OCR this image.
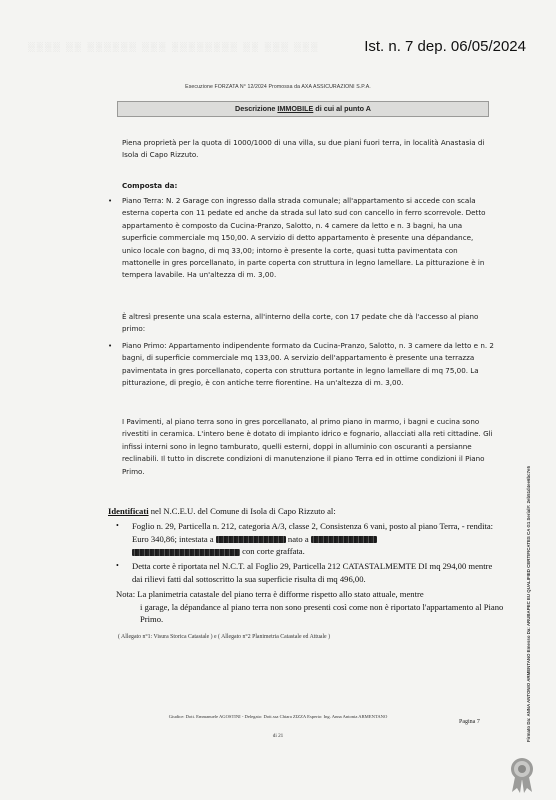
░░░░ ░░ ░░░░░░ ░░░ ░░░░░░░░ ░░ ░░░ ░░░	Ist. n. 7 dep. 06/05/2024
Esecuzione FORZATA N° 12/2024 Promossa da AXA ASSICURAZIONI S.P.A.
Descrizione IMMOBILE di cui al punto A
Piena proprietà per la quota di 1000/1000 di una villa, su due piani fuori terra, in località Anastasia di Isola di Capo Rizzuto.
Composta da:
• Piano Terra: N. 2 Garage con ingresso dalla strada comunale; all'appartamento si accede con scala esterna coperta con 11 pedate ed anche da strada sul lato sud con cancello in ferro scorrevole. Detto appartamento è composto da Cucina-Pranzo, Salotto, n. 4 camere da letto e n. 3 bagni, ha una superficie commerciale mq 150,00. A servizio di detto appartamento è presente una dépandance, unico locale con bagno, di mq 33,00; intorno è presente la corte, quasi tutta pavimentata con mattonelle in gres porcellanato, in parte coperta con struttura in legno lamellare. La pitturazione è in tempera lavabile. Ha un'altezza di m. 3,00.
È altresì presente una scala esterna, all'interno della corte, con 17 pedate che dà l'accesso al piano primo:
• Piano Primo: Appartamento indipendente formato da Cucina-Pranzo, Salotto, n. 3 camere da letto e n. 2 bagni, di superficie commerciale mq 133,00. A servizio dell'appartamento è presente una terrazza pavimentata in gres porcellanato, coperta con struttura portante in legno lamellare di mq 75,00. La pitturazione, di pregio, è con antiche terre fiorentine. Ha un'altezza di m. 3,00.
I Pavimenti, al piano terra sono in gres porcellanato, al primo piano in marmo, i bagni e cucina sono rivestiti in ceramica. L'intero bene è dotato di impianto idrico e fognario, allacciati alla reti cittadine. Gli infissi interni sono in legno tamburato, quelli esterni, doppi in alluminio con oscuranti a persianne reclinabili. Il tutto in discrete condizioni di manutenzione il piano Terra ed in ottime condizioni il Piano Primo.
Identificati nel N.C.E.U. del Comune di Isola di Capo Rizzuto al:
• Foglio n. 29, Particella n. 212, categoria A/3, classe 2, Consistenza 6 vani, posto al piano Terra, - rendita: Euro 340,86; intestata a	nato a
con corte graffata.
• Detta corte è riportata nel N.C.T. al Foglio 29, Particella 212 CATASTALMEMTE DI mq 294,00 mentre dai rilievi fatti dal sottoscritto la sua superficie risulta di mq 496,00.
Nota: La planimetria catastale del piano terra è difforme rispetto allo stato attuale, mentre
i garage, la dépandance al piano terra non sono presenti così come non è riportato l'appartamento al Piano Primo.
( Allegato n°1: Visura Storica Catastale ) e ( Allegato n°2 Planimetria Catastale ed Attuale )
Giudice: Dott. Emmanuele AGOSTINI - Delegato: Dott.ssa Chiara ZIZZA Esperto: Ing. Anna Antonia ARMENTANO
Pagina 7
di 21	Firmato Da: ANNA ANTONIO ARMENTANO Emesso Da: ARUBAPEC EU QUALIFIED CERTIFICATES CA G1 Serial#: 2eb51d4ee6bc7e5
